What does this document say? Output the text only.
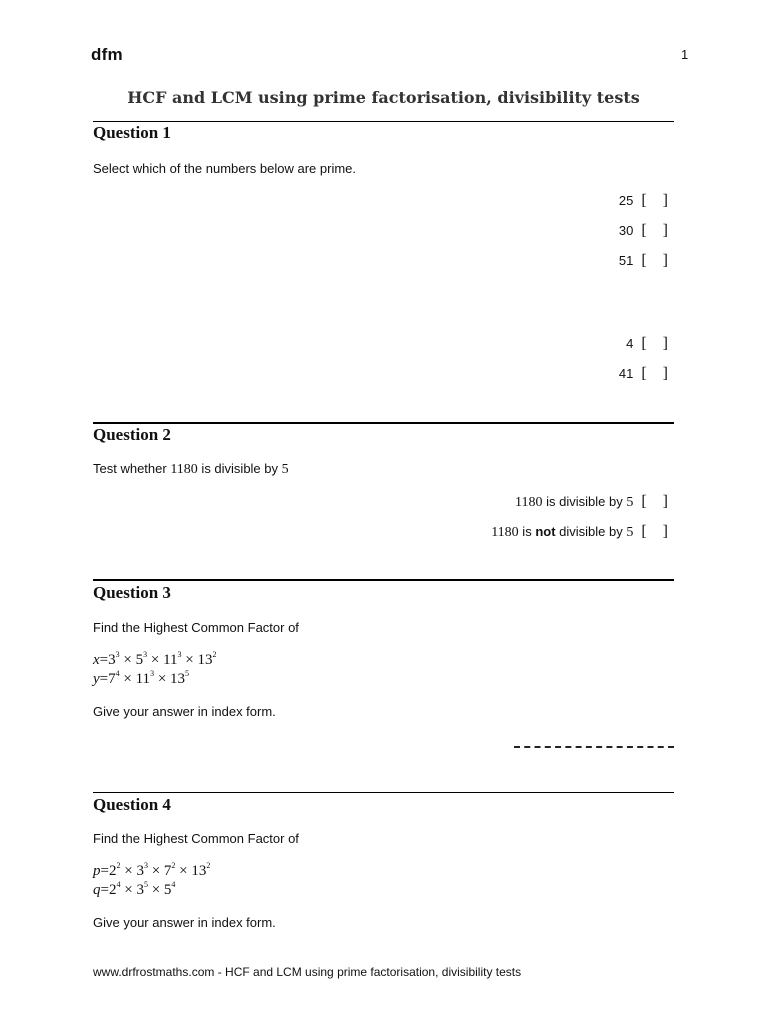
dfm	1
HCF and LCM using prime factorisation, divisibility tests
Question 1
Select which of the numbers below are prime.
25 [ ]
30 [ ]
51 [ ]
4 [ ]
41 [ ]
Question 2
Test whether 1180 is divisible by 5
1180 is divisible by 5 [ ]
1180 is not divisible by 5 [ ]
Question 3
Find the Highest Common Factor of
$x=3^3 \times 5^3 \times 11^3 \times 13^2$
$y=7^4 \times 11^3 \times 13^5$
Give your answer in index form.
Question 4
Find the Highest Common Factor of
$p=2^2 \times 3^3 \times 7^2 \times 13^2$
$q=2^4 \times 3^5 \times 5^4$
Give your answer in index form.
www.drfrostmaths.com - HCF and LCM using prime factorisation, divisibility tests
